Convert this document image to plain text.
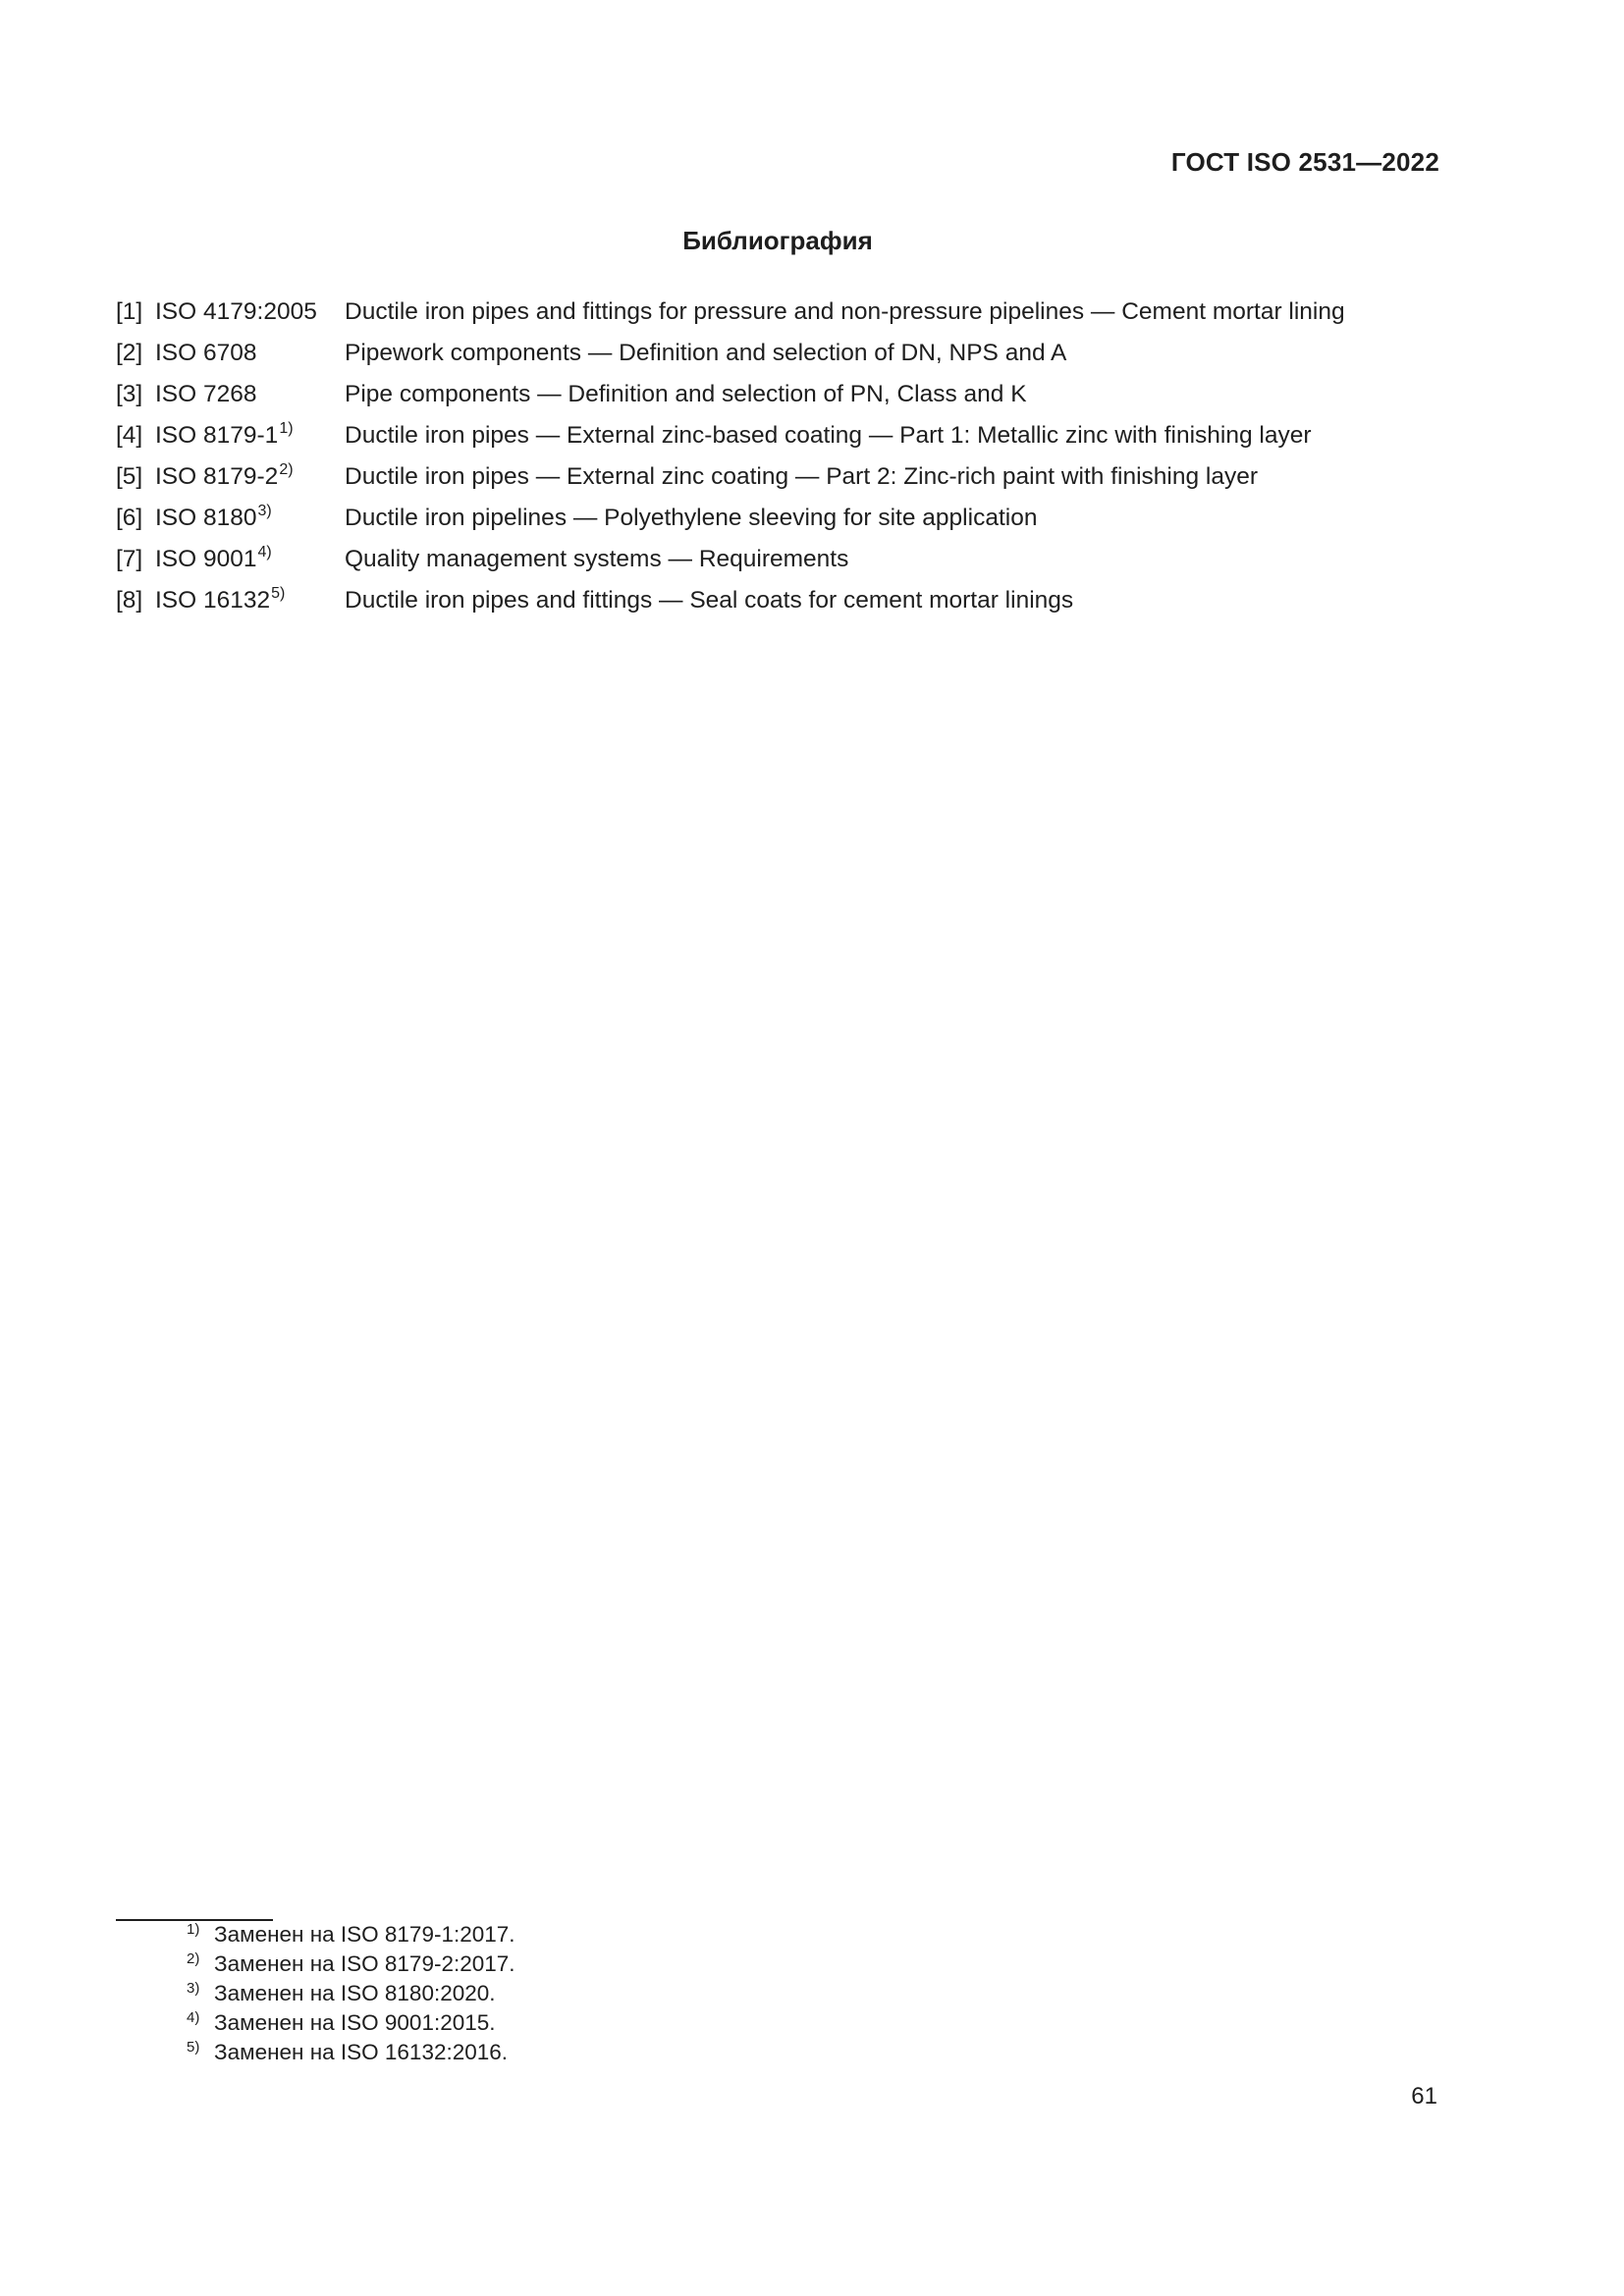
ГОСТ ISO 2531—2022
Библиография
[1] ISO 4179:2005	Ductile iron pipes and fittings for pressure and non-pressure pipelines — Cement mortar lining
[2] ISO 6708	Pipework components — Definition and selection of DN, NPS and A
[3] ISO 7268	Pipe components — Definition and selection of PN, Class and K
[4] ISO 8179-1$^{1)}$	Ductile iron pipes — External zinc-based coating — Part 1: Metallic zinc with finishing layer
[5] ISO 8179-2$^{2)}$	Ductile iron pipes — External zinc coating — Part 2: Zinc-rich paint with finishing layer
[6] ISO 8180$^{3)}$	Ductile iron pipelines — Polyethylene sleeving for site application
[7] ISO 9001$^{4)}$	Quality management systems — Requirements
[8] ISO 16132$^{5)}$	Ductile iron pipes and fittings — Seal coats for cement mortar linings
1) Заменен на ISO 8179-1:2017.
2) Заменен на ISO 8179-2:2017.
3) Заменен на ISO 8180:2020.
4) Заменен на ISO 9001:2015.
5) Заменен на ISO 16132:2016.
61
